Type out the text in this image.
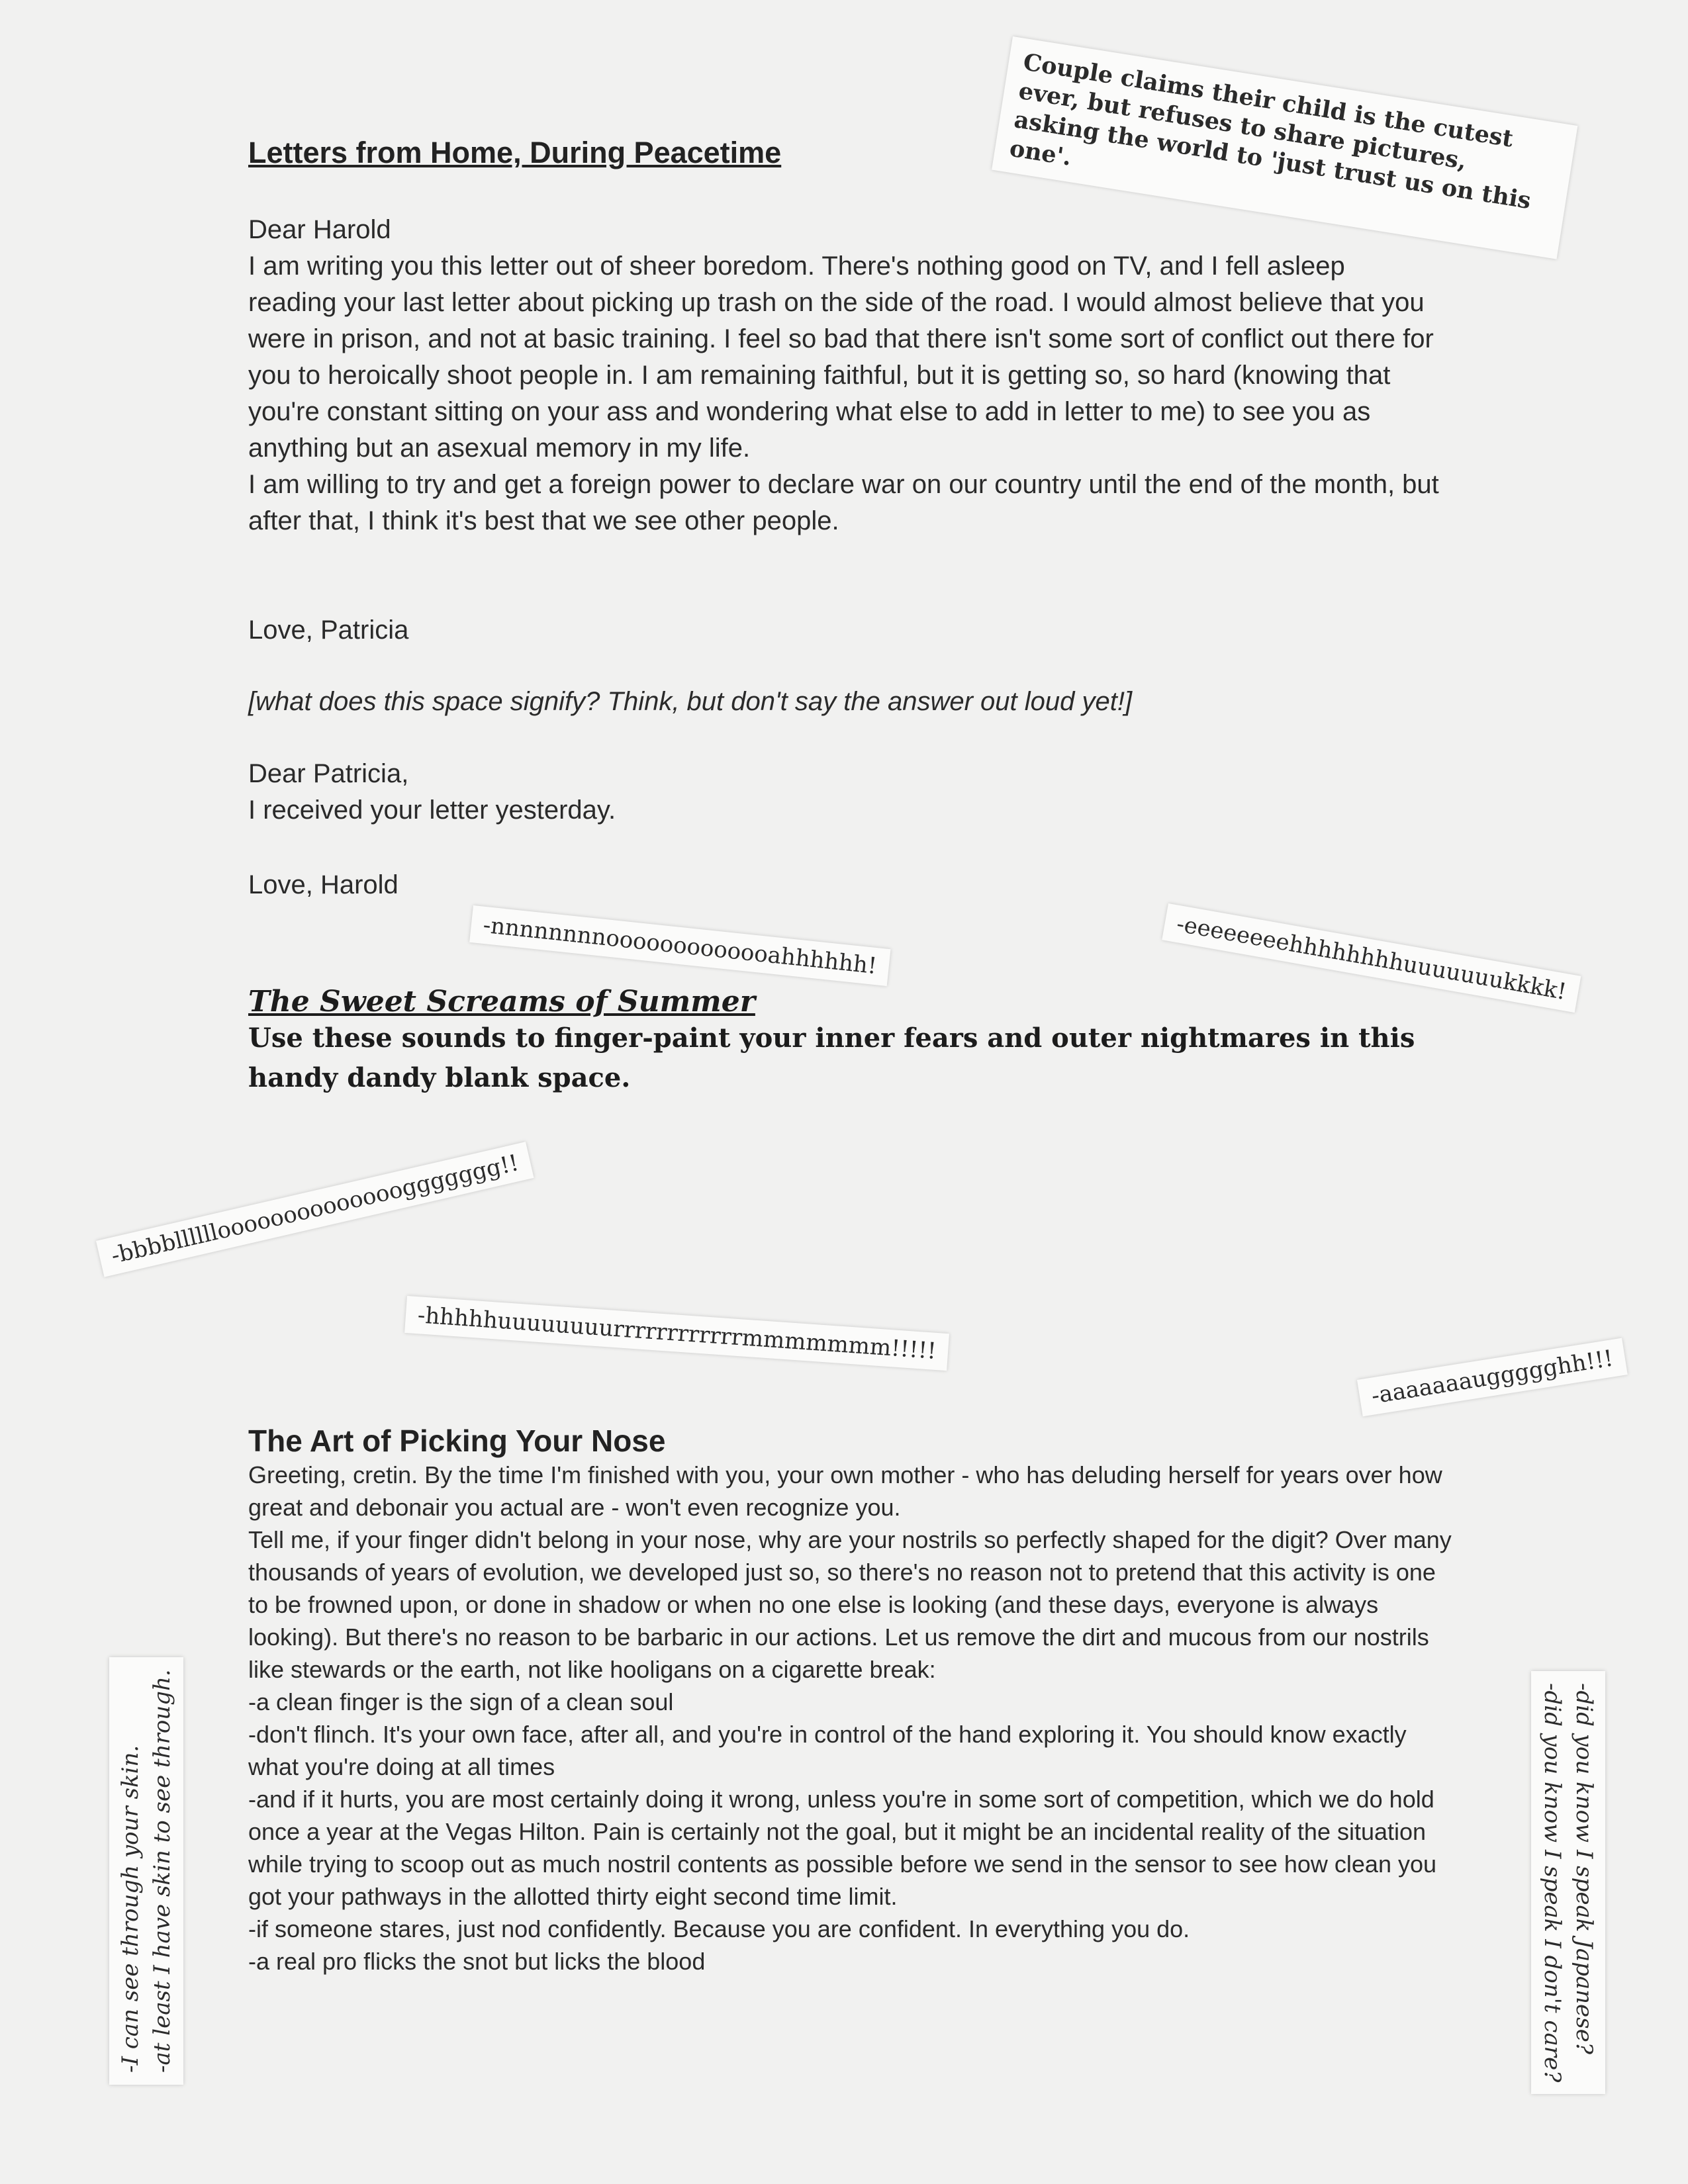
Letters from Home, During Peacetime

Dear Harold

I am writing you this letter out of sheer boredom. There's nothing good on TV, and I fell asleep reading your last letter about picking up trash on the side of the road. I would almost believe that you were in prison, and not at basic training. I feel so bad that there isn't some sort of conflict out there for you to heroically shoot people in. I am remaining faithful, but it is getting so, so hard (knowing that you're constant sitting on your ass and wondering what else to add in letter to me) to see you as anything but an asexual memory in my life.

I am willing to try and get a foreign power to declare war on our country until the end of the month, but after that, I think it's best that we see other people.

Love, Patricia

[what does this space signify? Think, but don't say the answer out loud yet!]

Dear Patricia,

I received your letter yesterday.

Love, Harold

Couple claims their child is the cutest ever, but refuses to share pictures, asking the world to 'just trust us on this one'.
The Sweet Screams of Summer

Use these sounds to finger-paint your inner fears and outer nightmares in this handy dandy blank space.

-nnnnnnnnooooooooooooahhhhhh!	-eeeeeeeehhhhhhhhuuuuuuukkkk!
-bbbbllllllooooooooooooooggggggg!!
-hhhhhuuuuuuuurrrrrrrrrrrrmmmmmmm!!!!!
-aaaaaaauggggghh!!!
The Art of Picking Your Nose

Greeting, cretin. By the time I'm finished with you, your own mother - who has deluding herself for years over how great and debonair you actual are - won't even recognize you.

Tell me, if your finger didn't belong in your nose, why are your nostrils so perfectly shaped for the digit? Over many thousands of years of evolution, we developed just so, so there's no reason not to pretend that this activity is one to be frowned upon, or done in shadow or when no one else is looking (and these days, everyone is always looking). But there's no reason to be barbaric in our actions. Let us remove the dirt and mucous from our nostrils like stewards or the earth, not like hooligans on a cigarette break:

-a clean finger is the sign of a clean soul

-don't flinch. It's your own face, after all, and you're in control of the hand exploring it. You should know exactly what you're doing at all times

-and if it hurts, you are most certainly doing it wrong, unless you're in some sort of competition, which we do hold once a year at the Vegas Hilton. Pain is certainly not the goal, but it might be an incidental reality of the situation while trying to scoop out as much nostril contents as possible before we send in the sensor to see how clean you got your pathways in the allotted thirty eight second time limit.

-if someone stares, just nod confidently. Because you are confident. In everything you do.

-a real pro flicks the snot but licks the blood

-I can see through your skin. -at least I have skin to see through.	-did you know I speak Japanese?
-did you know I speak I don't care?
